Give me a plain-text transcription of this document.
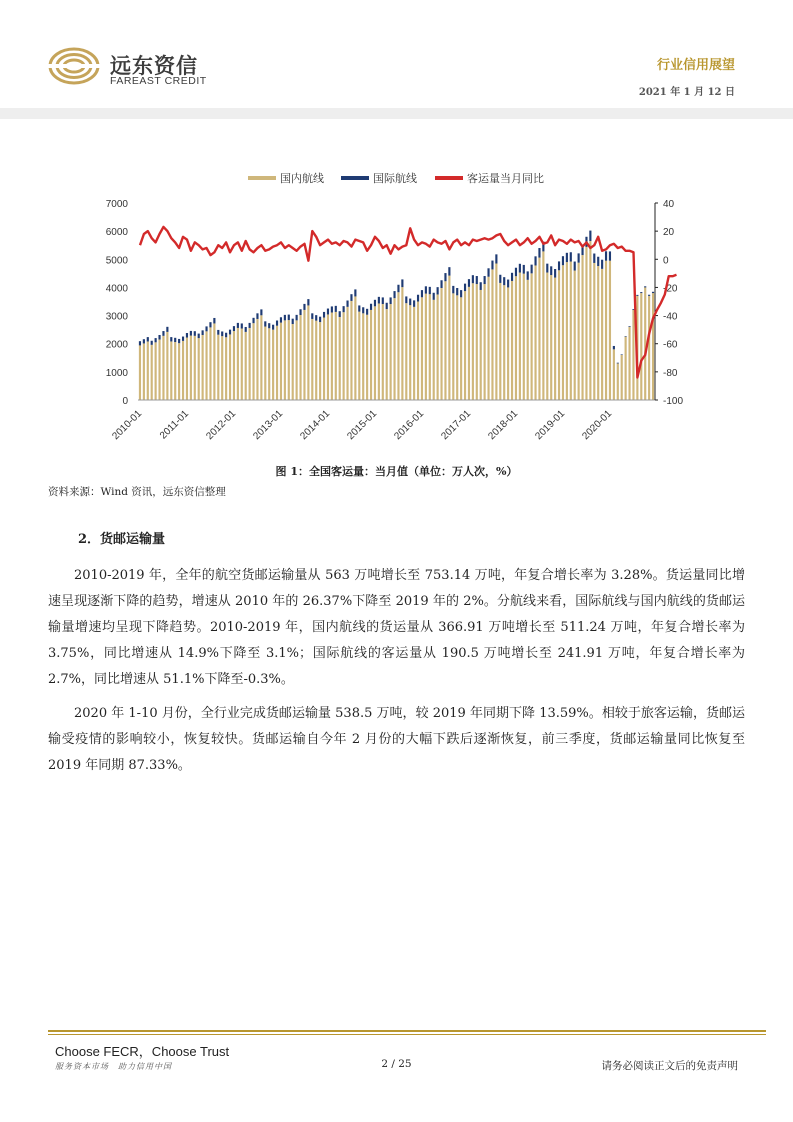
远东资信
FAREAST CREDIT
行业信用展望
2021 年 1 月 12 日
国内航线	国际航线	客运量当月同比
0
1000
2000
3000
4000
5000
6000
7000
-100
-80
-60
-40
-20
0
20
40
2010-01 2011-01 2012-01 2013-01 2014-01 2015-01 2016-01 2017-01 2018-01 2019-01 2020-01
图 1：全国客运量：当月值（单位：万人次，%）
资料来源：Wind 资讯，远东资信整理
2．货邮运输量

2010-2019 年，全年的航空货邮运输量从 563 万吨增长至 753.14 万吨，年复合增长率为 3.28%。货运量同比增速呈现逐渐下降的趋势，增速从 2010 年的 26.37%下降至 2019 年的 2%。分航线来看，国际航线与国内航线的货邮运输量增速均呈现下降趋势。2010-2019 年，国内航线的货运量从 366.91 万吨增长至 511.24 万吨，年复合增长率为 3.75%，同比增速从 14.9%下降至 3.1%；国际航线的客运量从 190.5 万吨增长至 241.91 万吨，年复合增长率为 2.7%，同比增速从 51.1%下降至-0.3%。

2020 年 1-10 月份，全行业完成货邮运输量 538.5 万吨，较 2019 年同期下降 13.59%。相较于旅客运输，货邮运输受疫情的影响较小，恢复较快。货邮运输自今年 2 月份的大幅下跌后逐渐恢复，前三季度，货邮运输量同比恢复至 2019 年同期 87.33%。

Choose FECR，Choose Trust
服务资本市场　助力信用中国	2 / 25	请务必阅读正文后的免责声明
